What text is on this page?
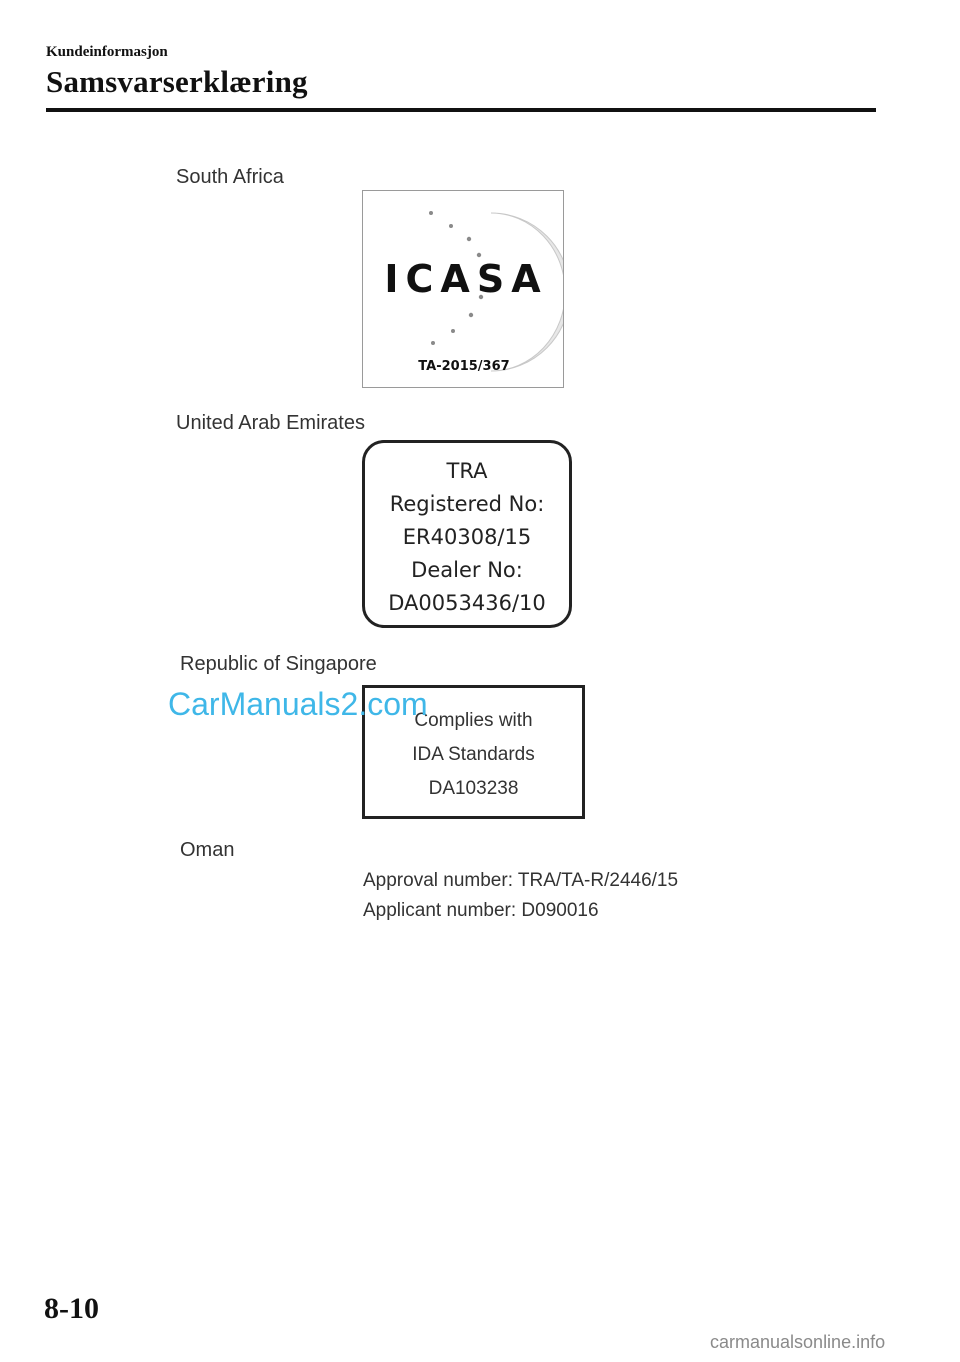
Kundeinformasjon
Samsvarserklæring
South Africa
ICASA
TA-2015/367
United Arab Emirates
TRA
Registered No:
ER40308/15
Dealer No:
DA0053436/10
Republic of Singapore
Complies with
IDA Standards
DA103238
CarManuals2.com
Oman
Approval number: TRA/TA-R/2446/15
Applicant number: D090016
8-10
carmanualsonline.info
